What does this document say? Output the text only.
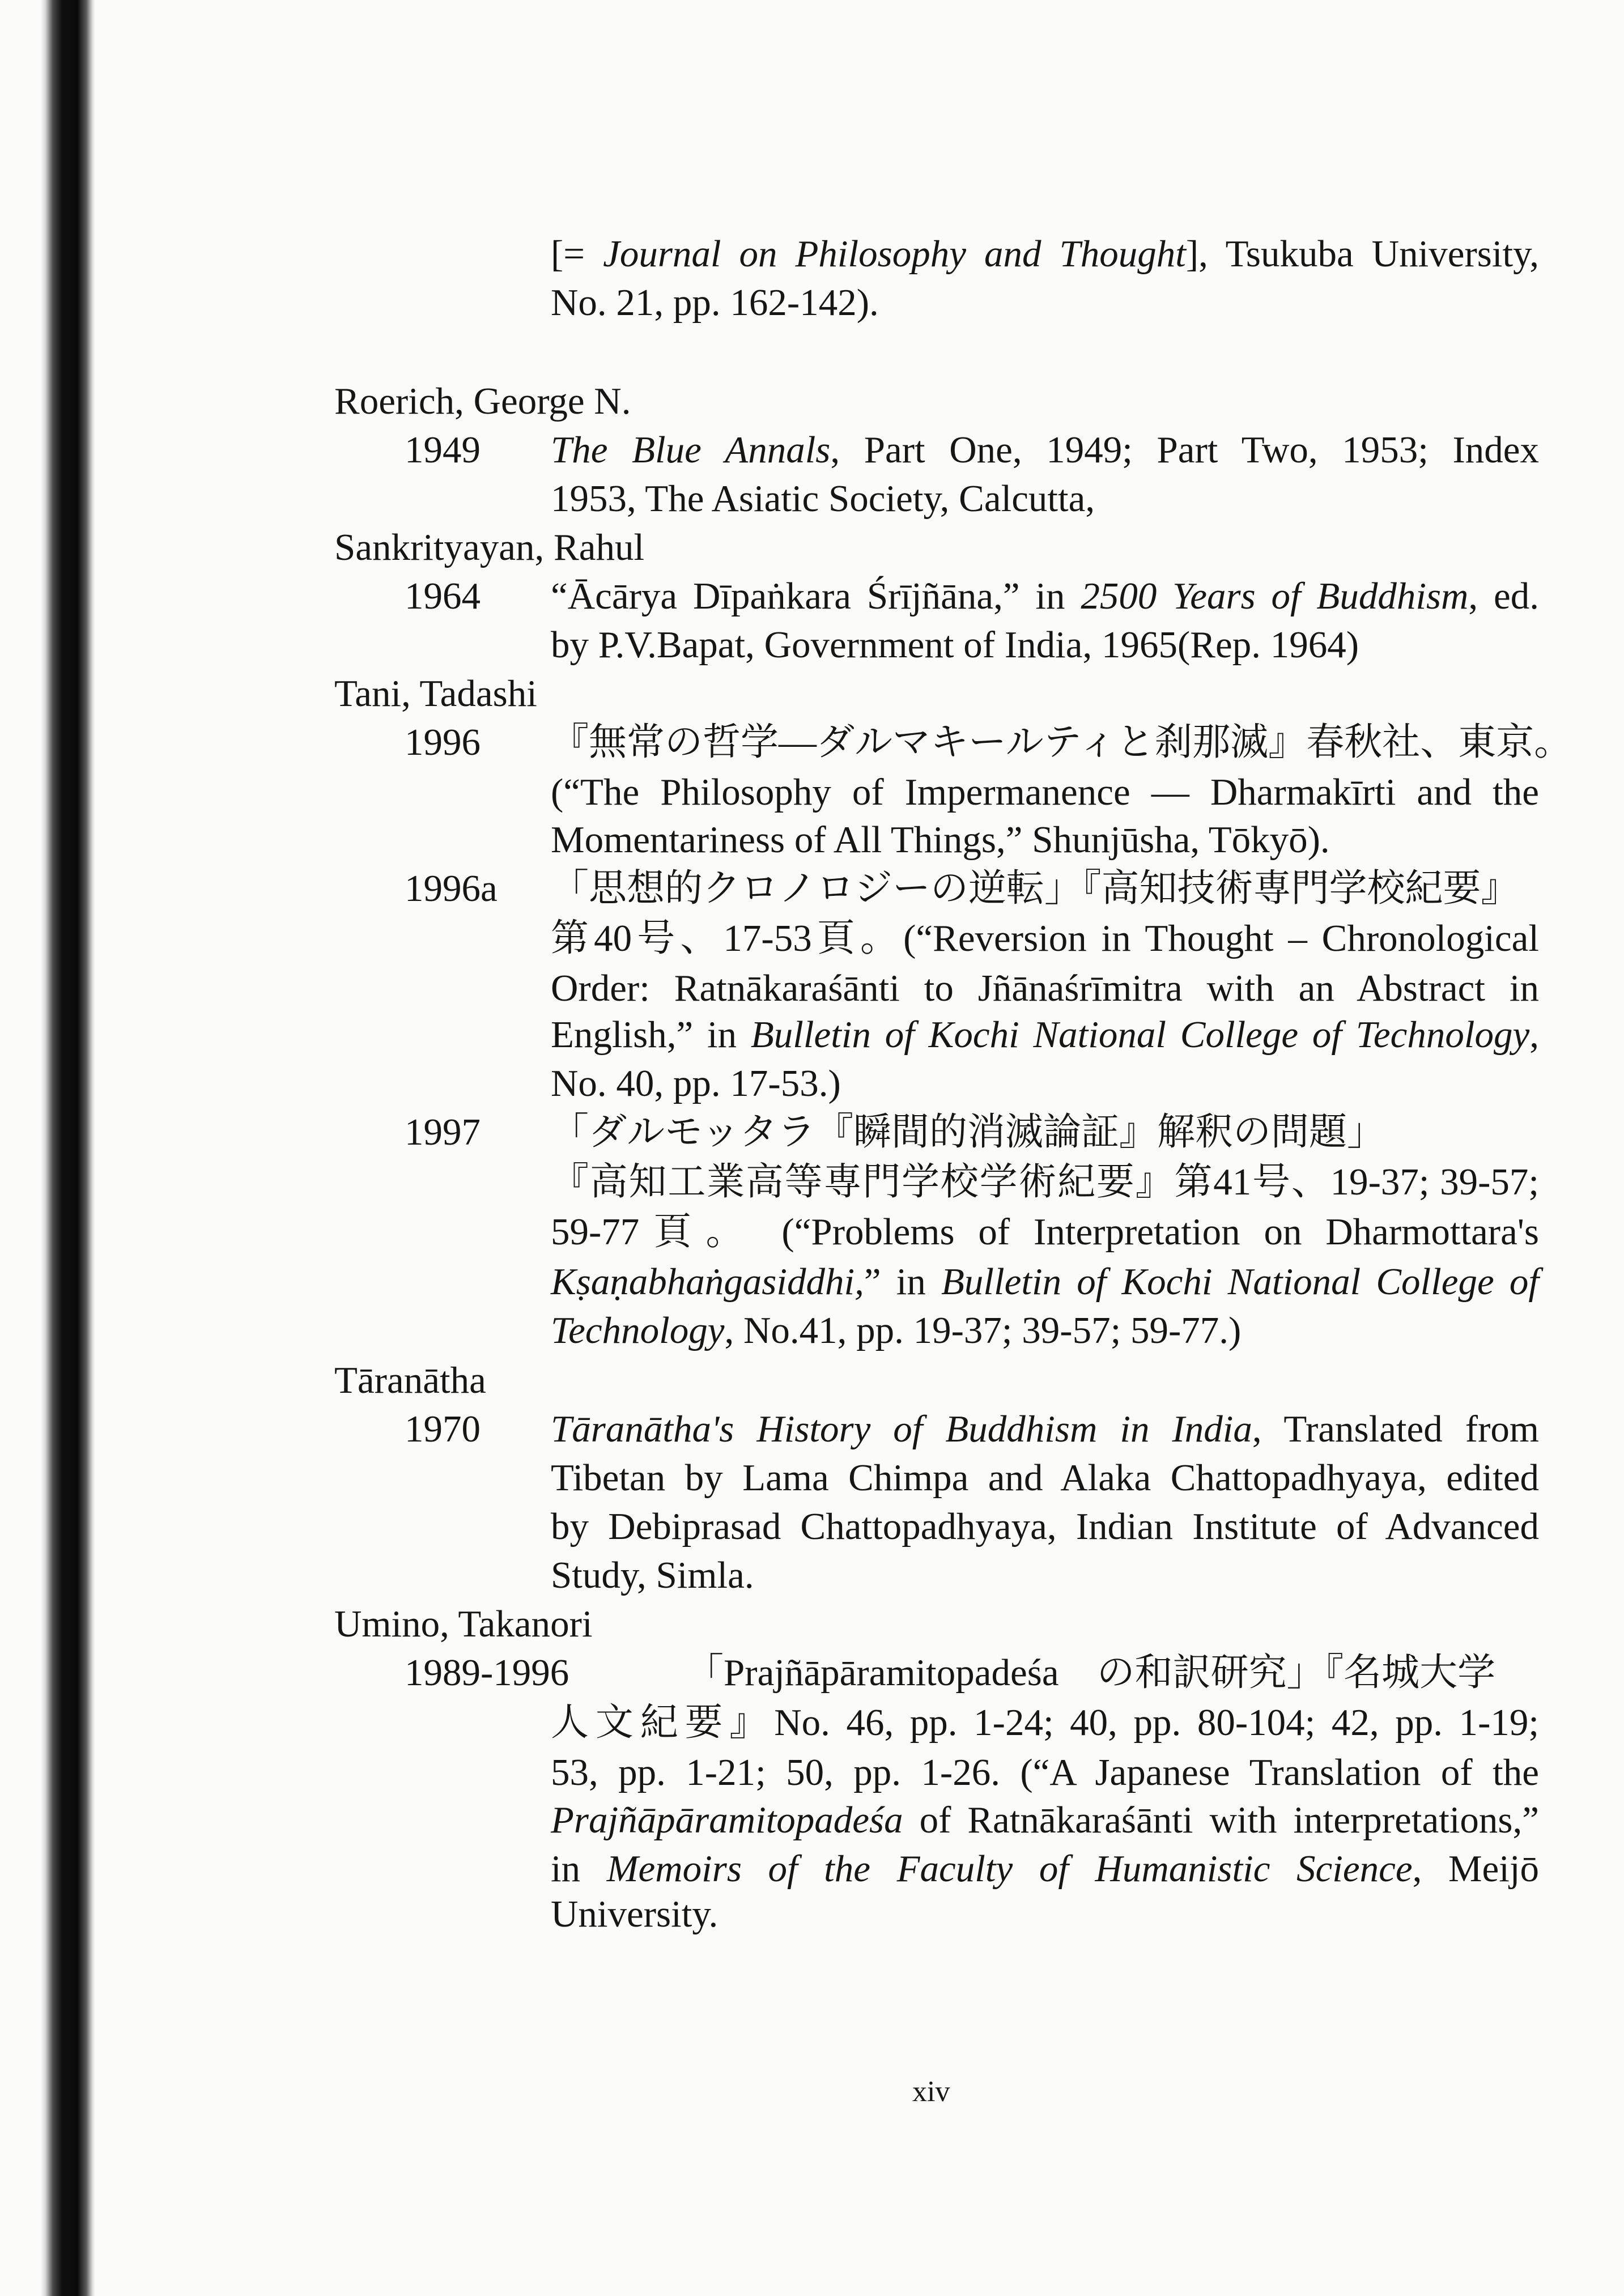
[= Journal on Philosophy and Thought], Tsukuba University,
No. 21, pp. 162-142).
Roerich, George N.
1949 The Blue Annals, Part One, 1949; Part Two, 1953; Index
1953, The Asiatic Society, Calcutta,
Sankrityayan, Rahul
1964 “Ācārya Dīpaṅkara Śrījñāna,” in 2500 Years of Buddhism, ed.
by P.V.Bapat, Government of India, 1965(Rep. 1964)
Tani, Tadashi
1996 『無常の哲学—ダルマキールティと刹那滅』春秋社、東京。
(“The Philosophy of Impermanence — Dharmakīrti and the
Momentariness of All Things,” Shunjūsha, Tōkyō).
1996a 「思想的クロノロジーの逆転」『高知技術専門学校紀要』
第40号、17-53頁。(“Reversion in Thought – Chronological
Order: Ratnākaraśānti to Jñānaśrīmitra with an Abstract in
English,” in Bulletin of Kochi National College of Technology,
No. 40, pp. 17-53.)
1997 「ダルモッタラ『瞬間的消滅論証』解釈の問題」
『高知工業高等専門学校学術紀要』第41号、19-37; 39-57;
59-77頁。 (“Problems of Interpretation on Dharmottara's
Kṣaṇabhaṅgasiddhi,” in Bulletin of Kochi National College of
Technology, No.41, pp. 19-37; 39-57; 59-77.)
Tāranātha
1970 Tāranātha's History of Buddhism in India, Translated from
Tibetan by Lama Chimpa and Alaka Chattopadhyaya, edited
by Debiprasad Chattopadhyaya, Indian Institute of Advanced
Study, Simla.
Umino, Takanori
1989-1996	「Prajñāpāramitopadeśa　の和訳研究」『名城大学
人文紀要』No. 46, pp. 1-24; 40, pp. 80-104; 42, pp. 1-19;
53, pp. 1-21; 50, pp. 1-26. (“A Japanese Translation of the
Prajñāpāramitopadeśa of Ratnākaraśānti with interpretations,”
in Memoirs of the Faculty of Humanistic Science, Meijō University.
xiv
